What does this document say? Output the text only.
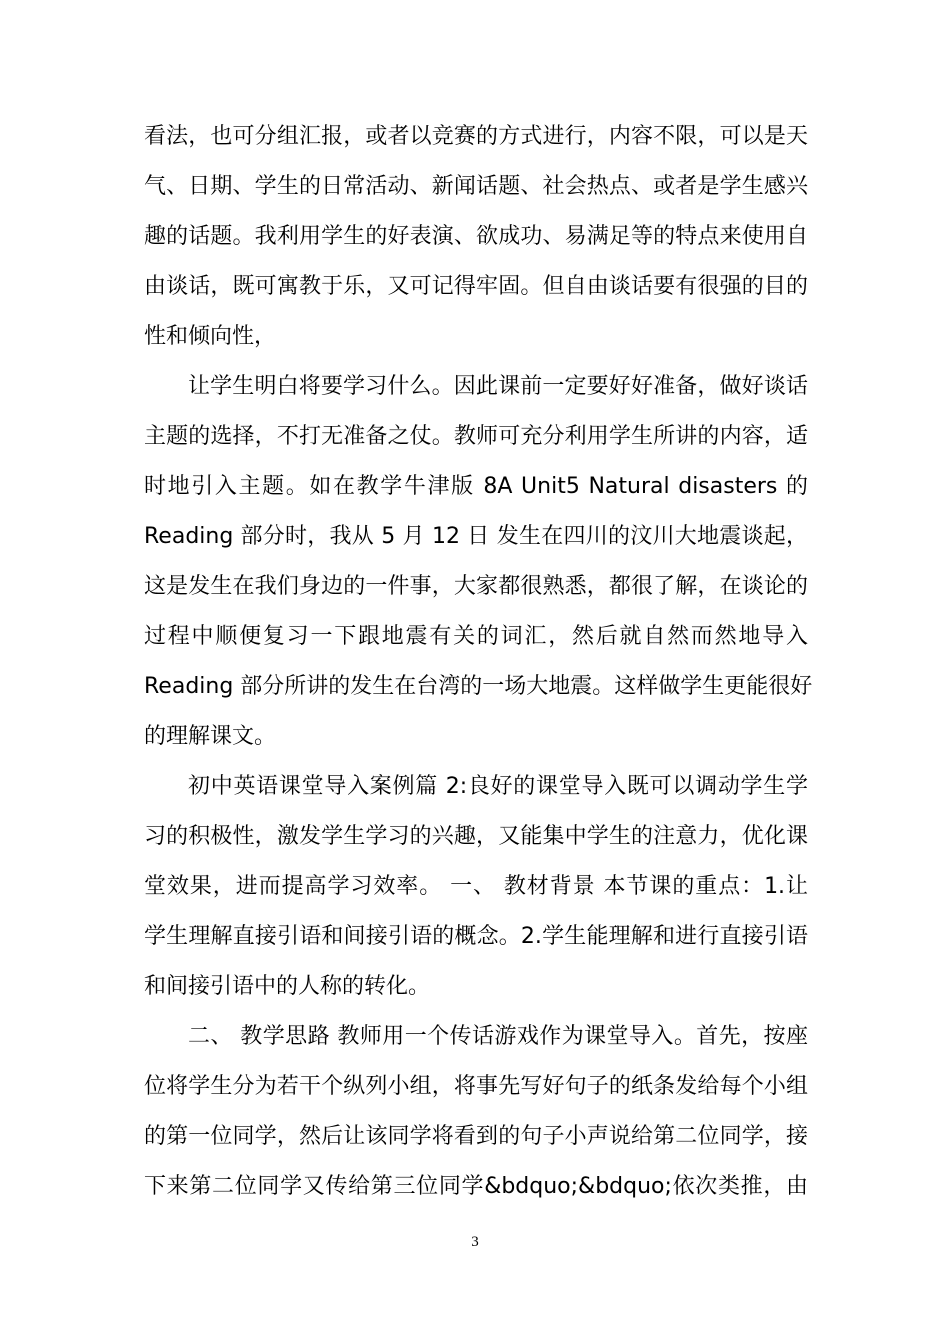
看法，也可分组汇报，或者以竞赛的方式进行，内容不限，可以是天
气、日期、学生的日常活动、新闻话题、社会热点、或者是学生感兴
趣的话题。我利用学生的好表演、欲成功、易满足等的特点来使用自
由谈话，既可寓教于乐，又可记得牢固。但自由谈话要有很强的目的
性和倾向性，
让学生明白将要学习什么。因此课前一定要好好准备，做好谈话
主题的选择，不打无准备之仗。教师可充分利用学生所讲的内容，适
时地引入主题。如在教学牛津版 8A Unit5 Natural disasters 的
Reading 部分时，我从 5 月 12 日 发生在四川的汶川大地震谈起，
这是发生在我们身边的一件事，大家都很熟悉，都很了解，在谈论的
过程中顺便复习一下跟地震有关的词汇，然后就自然而然地导入
Reading 部分所讲的发生在台湾的一场大地震。这样做学生更能很好
的理解课文。
初中英语课堂导入案例篇 2:良好的课堂导入既可以调动学生学
习的积极性，激发学生学习的兴趣，又能集中学生的注意力，优化课
堂效果，进而提高学习效率。 一、 教材背景 本节课的重点：1.让
学生理解直接引语和间接引语的概念。2.学生能理解和进行直接引语
和间接引语中的人称的转化。
二、 教学思路 教师用一个传话游戏作为课堂导入。首先，按座
位将学生分为若干个纵列小组，将事先写好句子的纸条发给每个小组
的第一位同学，然后让该同学将看到的句子小声说给第二位同学，接
下来第二位同学又传给第三位同学&bdquo;&bdquo;依次类推，由
3
